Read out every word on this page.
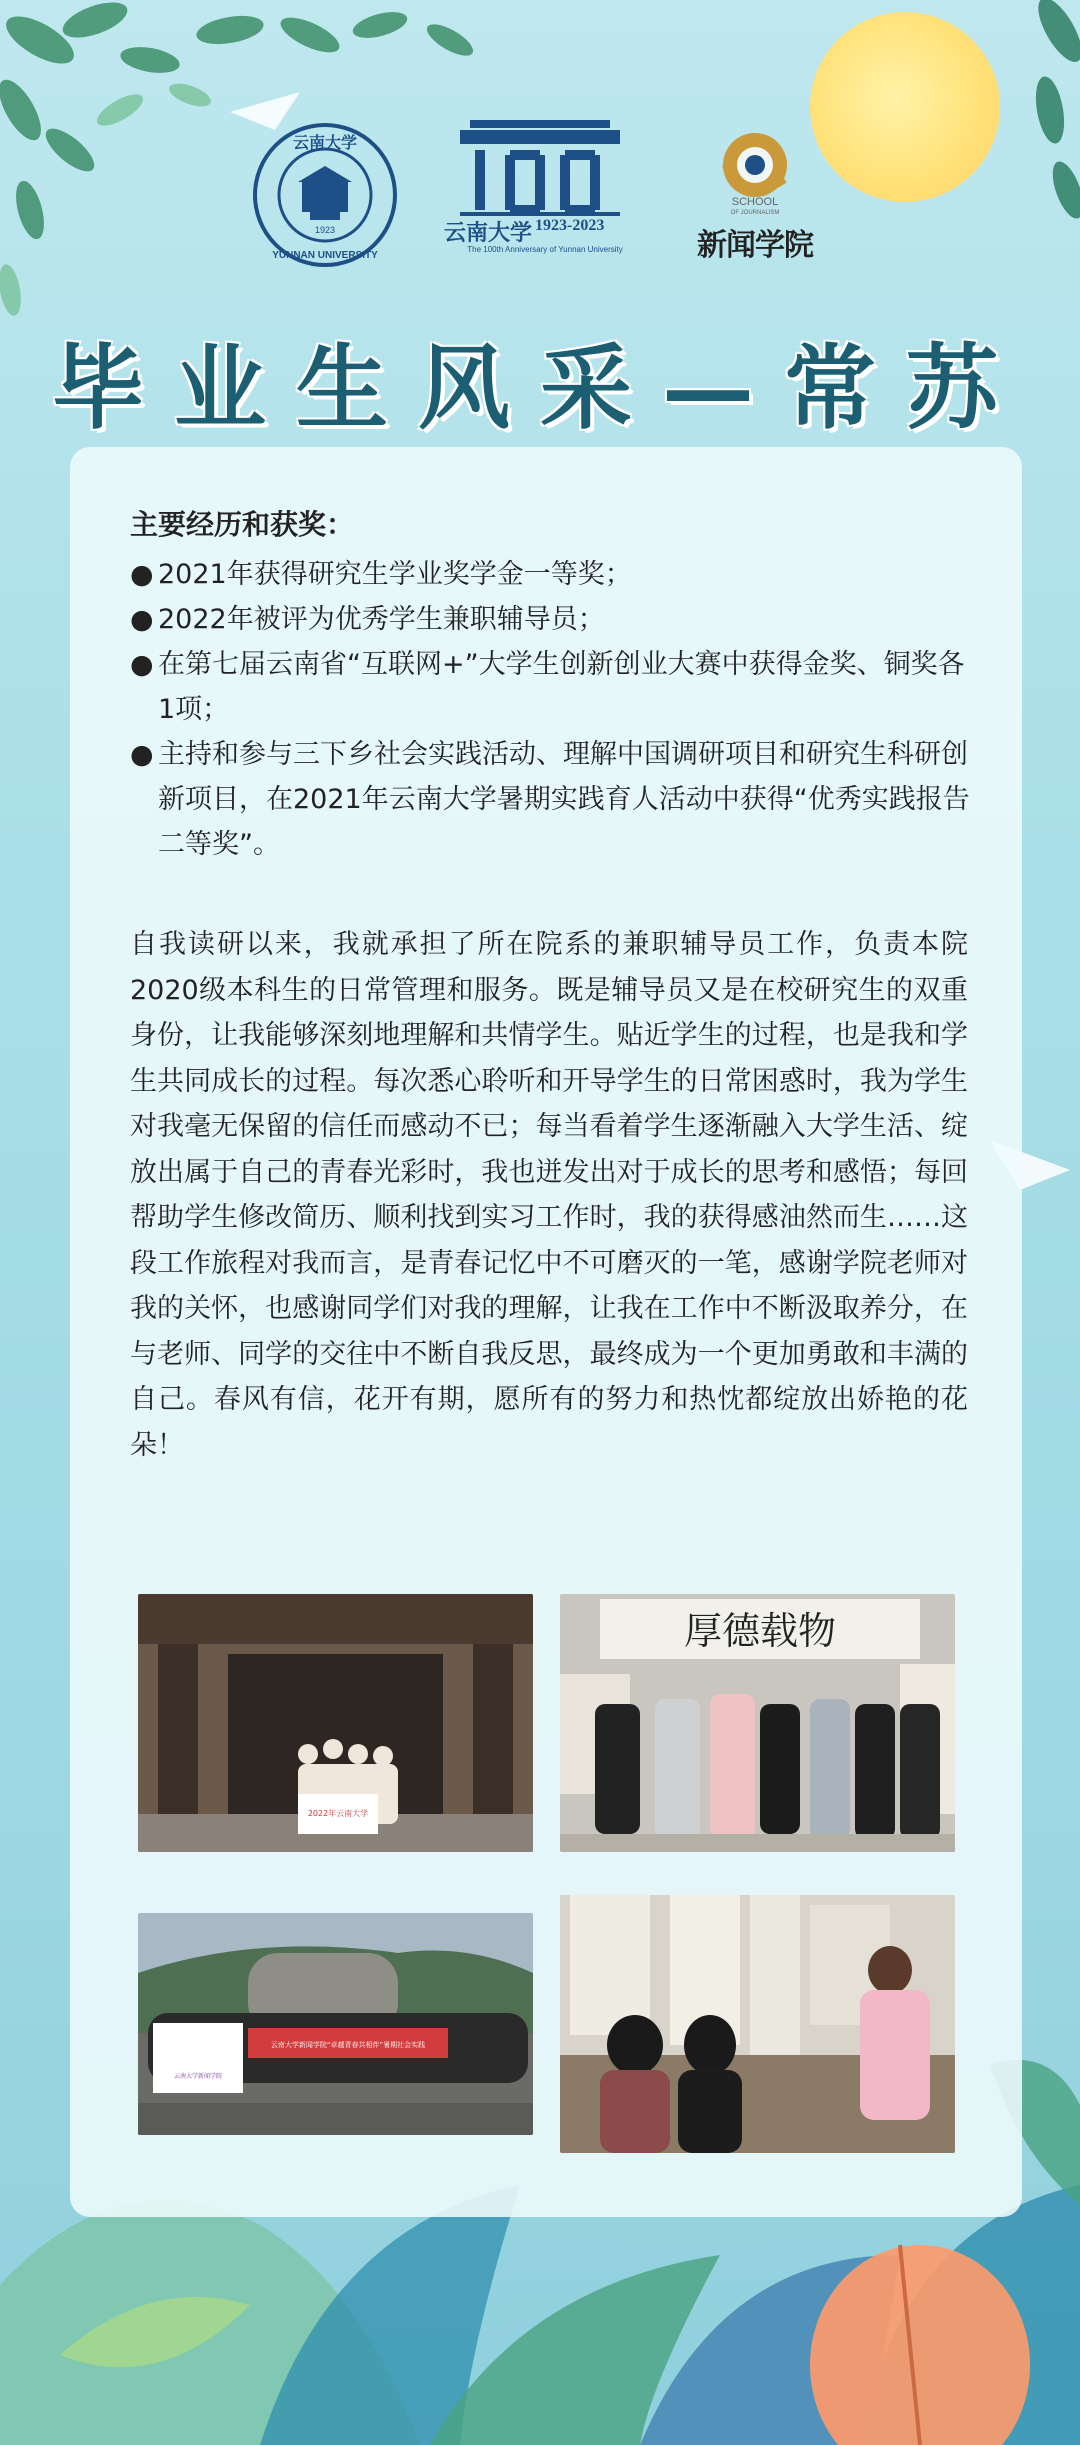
1923
云南大学
YUNNAN UNIVERSITY
云南大学 1923-2023
The 100th Anniversary of Yunnan University
SCHOOL
OF JOURNALISM
新闻学院
毕业生风采—常苏
主要经历和获奖：
● 2021年获得研究生学业奖学金一等奖；
● 2022年被评为优秀学生兼职辅导员；
● 在第七届云南省“互联网+”大学生创新创业大赛中获得金奖、铜奖各1项；
● 主持和参与三下乡社会实践活动、理解中国调研项目和研究生科研创新项目，在2021年云南大学暑期实践育人活动中获得“优秀实践报告二等奖”。

自我读研以来，我就承担了所在院系的兼职辅导员工作，负责本院2020级本科生的日常管理和服务。既是辅导员又是在校研究生的双重身份，让我能够深刻地理解和共情学生。贴近学生的过程，也是我和学生共同成长的过程。每次悉心聆听和开导学生的日常困惑时，我为学生对我毫无保留的信任而感动不已；每当看着学生逐渐融入大学生活、绽放出属于自己的青春光彩时，我也迸发出对于成长的思考和感悟；每回帮助学生修改简历、顺利找到实习工作时，我的获得感油然而生……这段工作旅程对我而言，是青春记忆中不可磨灭的一笔，感谢学院老师对我的关怀，也感谢同学们对我的理解，让我在工作中不断汲取养分，在与老师、同学的交往中不断自我反思，最终成为一个更加勇敢和丰满的自己。春风有信，花开有期，愿所有的努力和热忱都绽放出娇艳的花朵！

2022年云南大学
厚德载物
云南大学新闻学院“卓越青春共相伴”暑期社会实践
云南大学新闻学院
